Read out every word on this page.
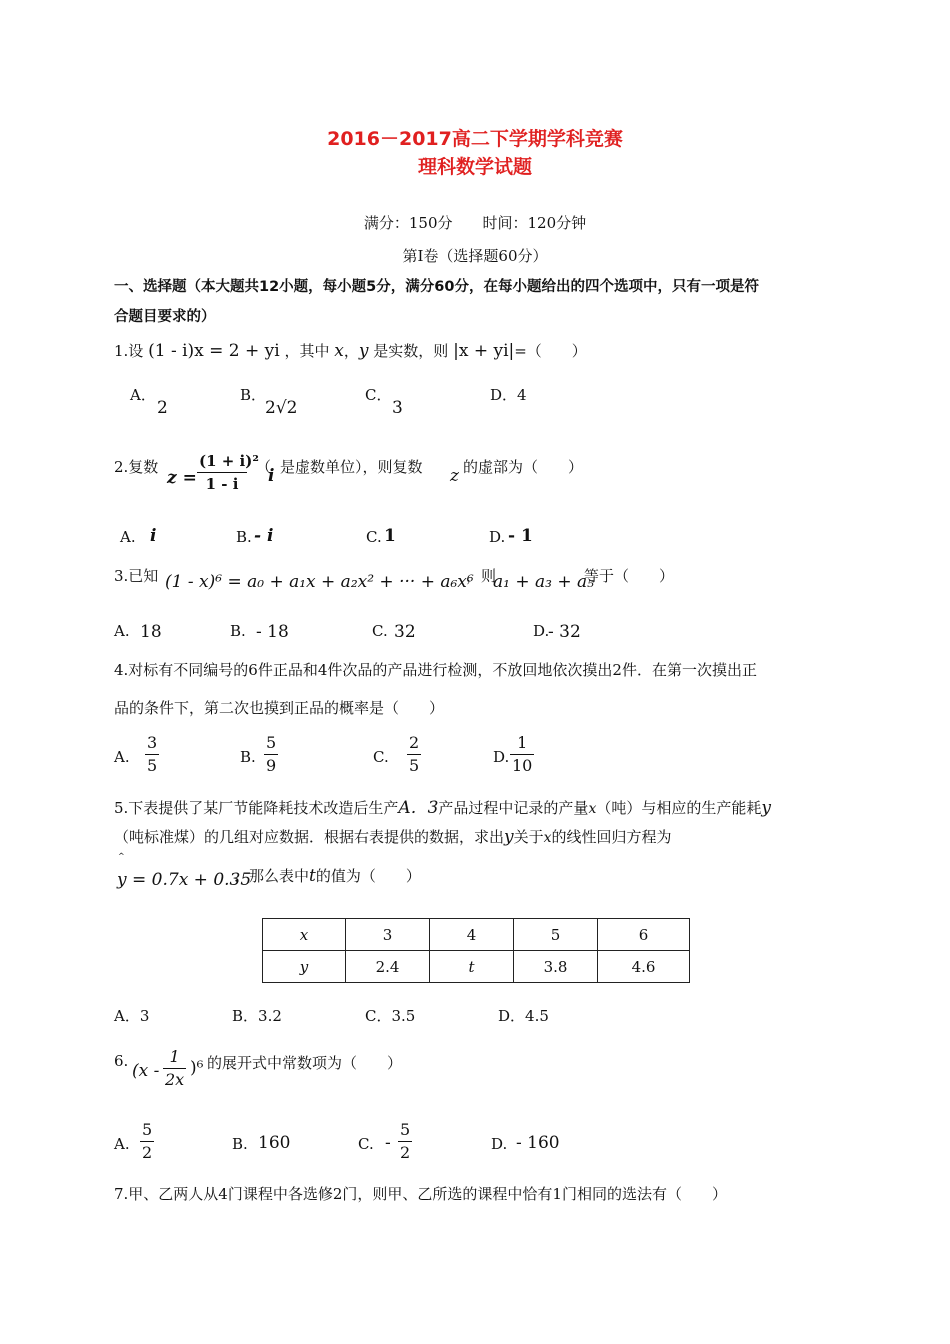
2016－2017高二下学期学科竞赛
理科数学试题
满分：150分　　时间：120分钟
第Ⅰ卷（选择题60分）
一、选择题（本大题共12小题，每小题5分，满分60分，在每小题给出的四个选项中，只有一项是符
合题目要求的）
1.设 (1 - i)x = 2 + yi ，其中 x，y 是实数，则 |x + yi|=（　　）
A．
2
B．
2√2
C．
3
D．4
2.复数
$z = \frac{\text{(1 + i)²}}{1 - i}$ （
i 是虚数单位），则复数 z 的虚部为（　　）
A. i	B. - i	C. 1	D. - 1
3.已知 (1 - x)⁶ = a₀ + a₁x + a₂x² + ··· + a₆x⁶
，则
a₁ + a₃ + a₅
等于（　　）
A. 18	B. - 18	C. 32	D.
- 32
4.对标有不同编号的6件正品和4件次品的产品进行检测，不放回地依次摸出2件．在第一次摸出正
品的条件下，第二次也摸到正品的概率是（　　）
A. $\frac{3}{5}$	B. $\frac{5}{9}$	C. $\frac{2}{5}$	D. $\frac{1}{10}$
5.下表提供了某厂节能降耗技术改造后生产A．3产品过程中记录的产量x（吨）与相应的生产能耗y
（吨标准煤）的几组对应数据．根据右表提供的数据，求出y关于x的线性回归方程为
^
y = 0.7x + 0.35
，那么表中t的值为（　　）
x	3	4	5	6
y	2.4	t	3.8	4.6
A．3	B．3.2	C．3.5	D．4.5
6. $(x - \frac{1}{2x} )^6$ 的展开式中常数项为（　　）
A. $\frac{5}{2}$	B. 160	C. - $\frac{5}{2}$	D. - 160
7.甲、乙两人从4门课程中各选修2门，则甲、乙所选的课程中恰有1门相同的选法有（　　）
